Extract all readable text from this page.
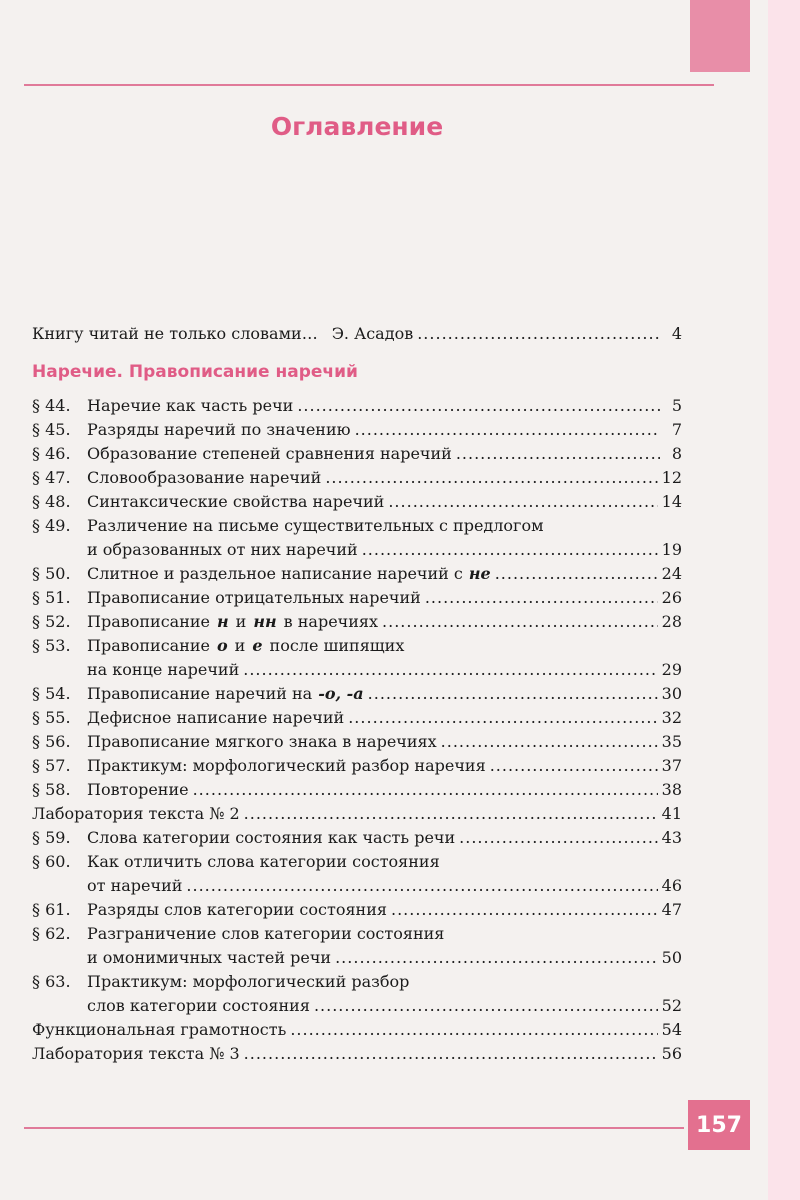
157
Оглавление
Книгу читай не только словами… Э. Асадов .....	4
Наречие. Правописание наречий
§ 44.	Наречие как часть речи .....	5
§ 45.	Разряды наречий по значению .....	7
§ 46.	Образование степеней сравнения наречий .....	8
§ 47.	Словообразование наречий .....	12
§ 48.	Синтаксические свойства наречий .....	14
§ 49.	Различение на письме существительных с предлогом
и образованных от них наречий .....	19
§ 50.	Слитное и раздельное написание наречий с не .....	24
§ 51.	Правописание отрицательных наречий .....	26
§ 52.	Правописание н и нн в наречиях .....	28
§ 53.	Правописание о и е после шипящих
на конце наречий .....	29
§ 54.	Правописание наречий на -о, -а .....	30
§ 55.	Дефисное написание наречий .....	32
§ 56.	Правописание мягкого знака в наречиях .....	35
§ 57.	Практикум: морфологический разбор наречия .....	37
§ 58.	Повторение .....	38
Лаборатория текста № 2 .....	41
§ 59.	Слова категории состояния как часть речи .....	43
§ 60.	Как отличить слова категории состояния
от наречий .....	46
§ 61.	Разряды слов категории состояния .....	47
§ 62.	Разграничение слов категории состояния
и омонимичных частей речи .....	50
§ 63.	Практикум: морфологический разбор
слов категории состояния .....	52
Функциональная грамотность .....	54
Лаборатория текста № 3 .....	56
